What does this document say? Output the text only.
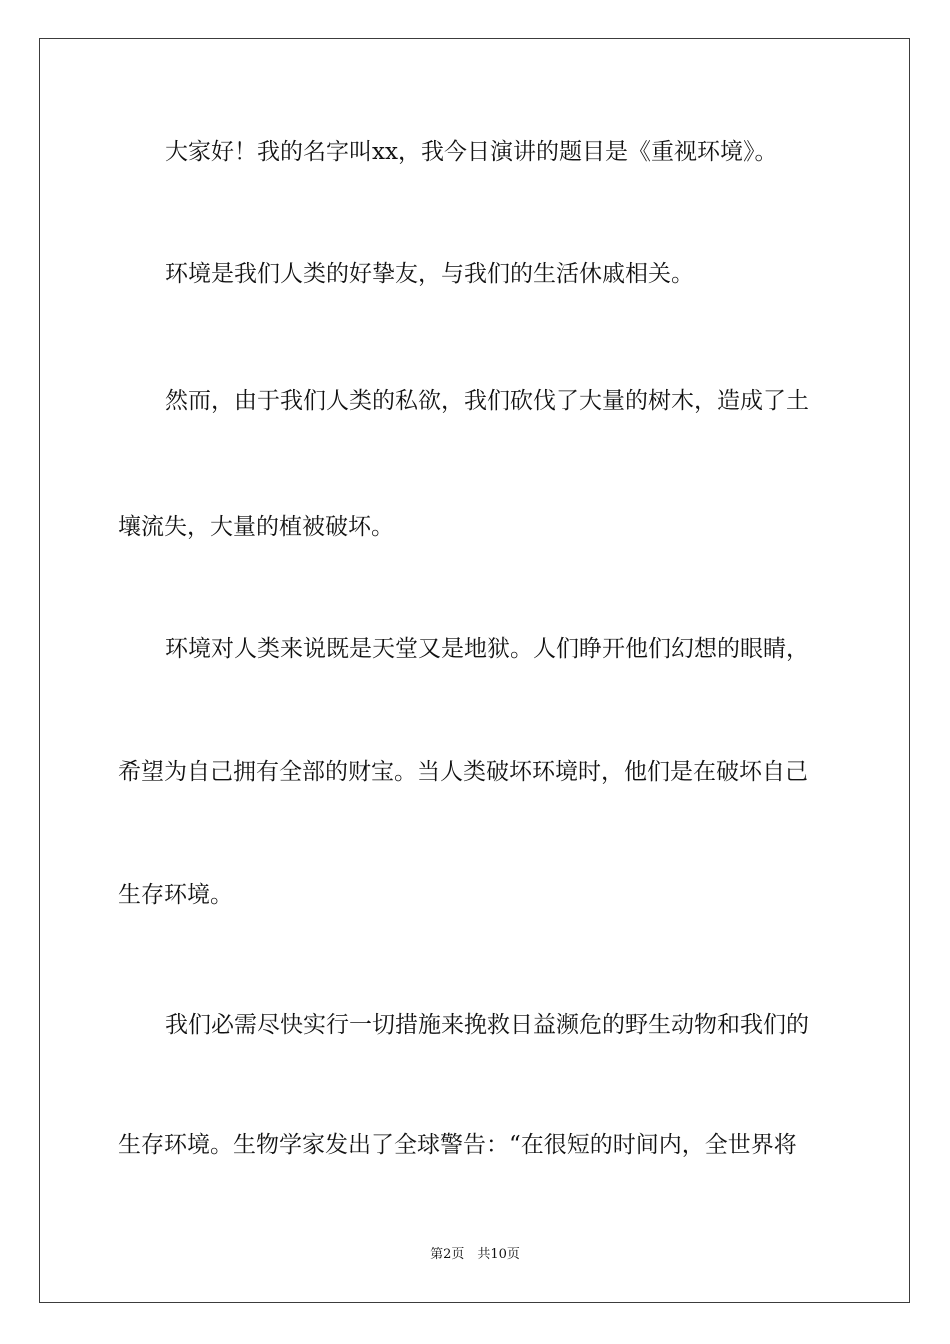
大家好！我的名字叫xx，我今日演讲的题目是《重视环境》。

环境是我们人类的好挚友，与我们的生活休戚相关。

然而，由于我们人类的私欲，我们砍伐了大量的树木，造成了土

壤流失，大量的植被破坏。

环境对人类来说既是天堂又是地狱。人们睁开他们幻想的眼睛，

希望为自己拥有全部的财宝。当人类破坏环境时，他们是在破坏自己

生存环境。

我们必需尽快实行一切措施来挽救日益濒危的野生动物和我们的

生存环境。生物学家发出了全球警告：“在很短的时间内，全世界将

第2页　共10页
